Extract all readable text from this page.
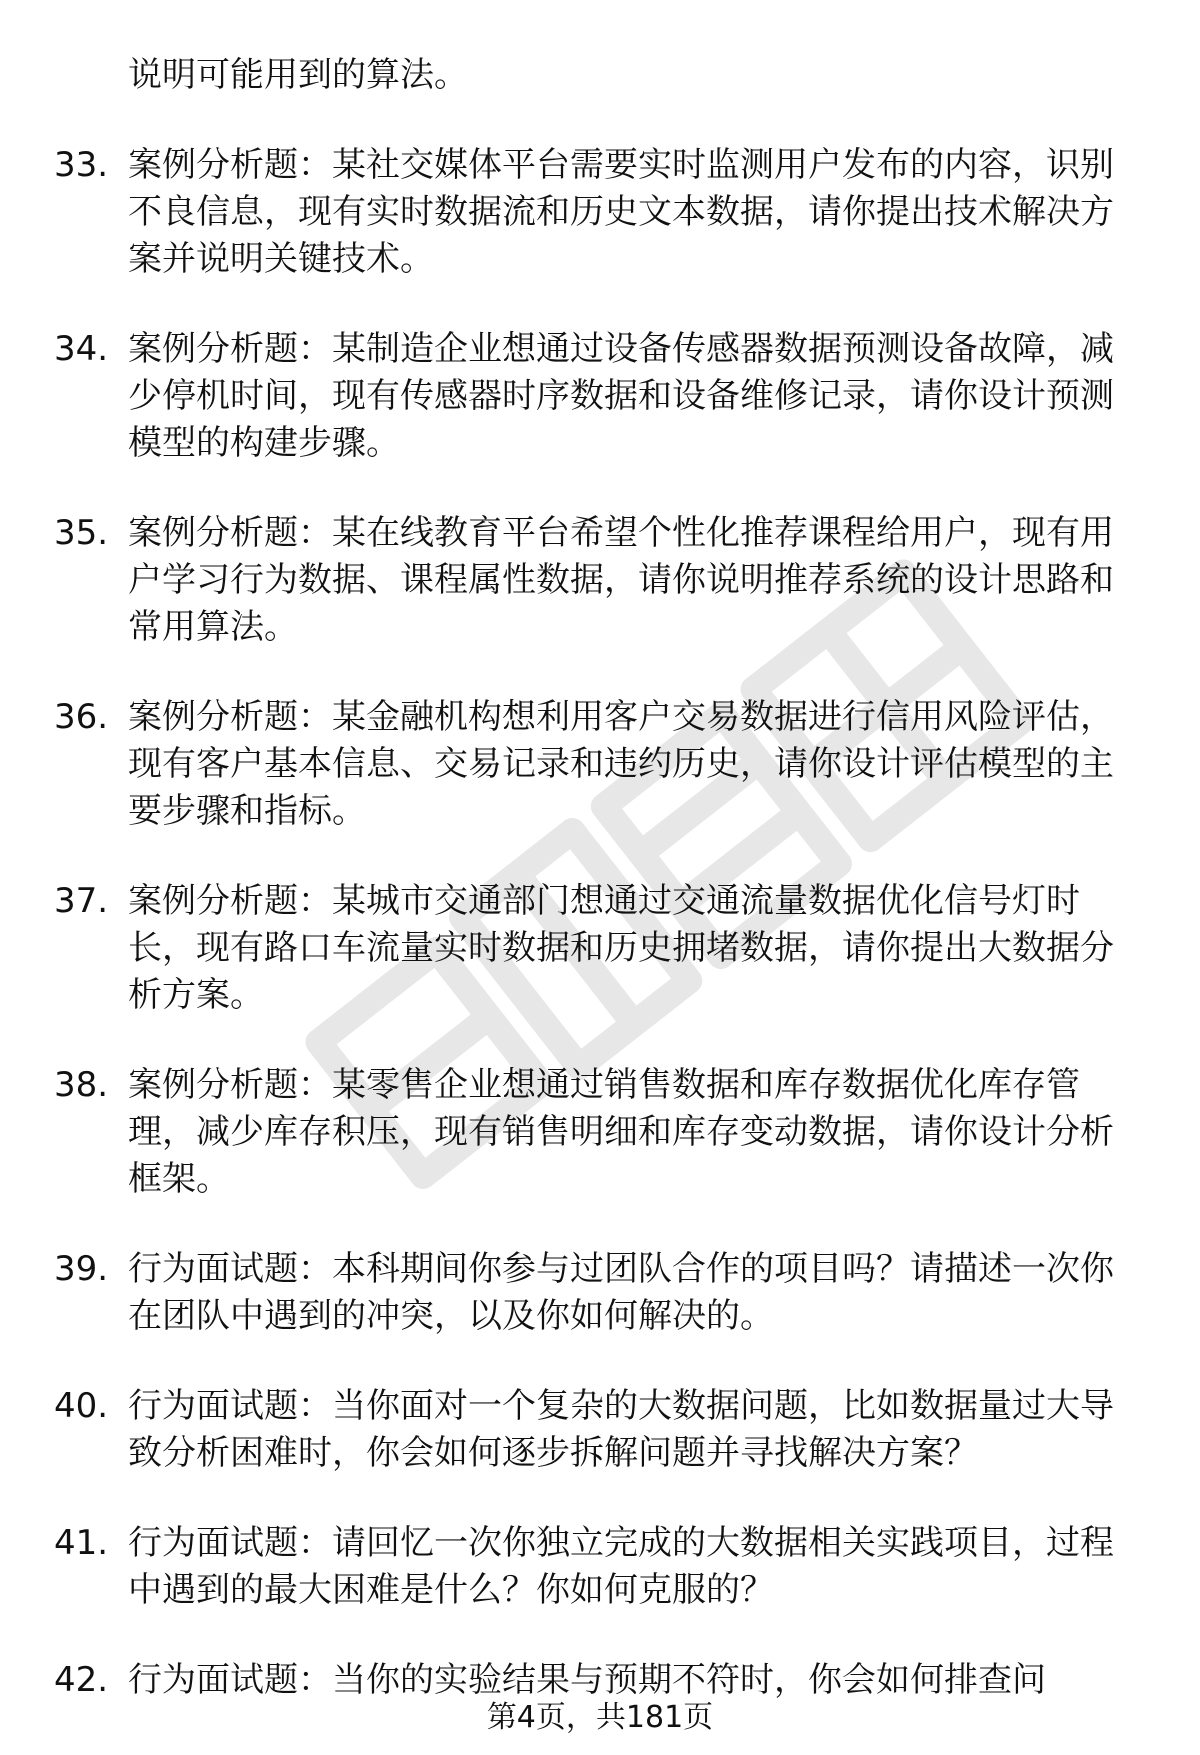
说明可能用到的算法。
33. 案例分析题：某社交媒体平台需要实时监测用户发布的内容，识别不良信息，现有实时数据流和历史文本数据，请你提出技术解决方案并说明关键技术。
34. 案例分析题：某制造企业想通过设备传感器数据预测设备故障，减少停机时间，现有传感器时序数据和设备维修记录，请你设计预测模型的构建步骤。
35. 案例分析题：某在线教育平台希望个性化推荐课程给用户，现有用户学习行为数据、课程属性数据，请你说明推荐系统的设计思路和常用算法。
36. 案例分析题：某金融机构想利用客户交易数据进行信用风险评估，现有客户基本信息、交易记录和违约历史，请你设计评估模型的主要步骤和指标。
37. 案例分析题：某城市交通部门想通过交通流量数据优化信号灯时长，现有路口车流量实时数据和历史拥堵数据，请你提出大数据分析方案。
38. 案例分析题：某零售企业想通过销售数据和库存数据优化库存管理，减少库存积压，现有销售明细和库存变动数据，请你设计分析框架。
39. 行为面试题：本科期间你参与过团队合作的项目吗？请描述一次你在团队中遇到的冲突，以及你如何解决的。
40. 行为面试题：当你面对一个复杂的大数据问题，比如数据量过大导致分析困难时，你会如何逐步拆解问题并寻找解决方案？
41. 行为面试题：请回忆一次你独立完成的大数据相关实践项目，过程中遇到的最大困难是什么？你如何克服的？
42. 行为面试题：当你的实验结果与预期不符时，你会如何排查问
第4页，共181页
